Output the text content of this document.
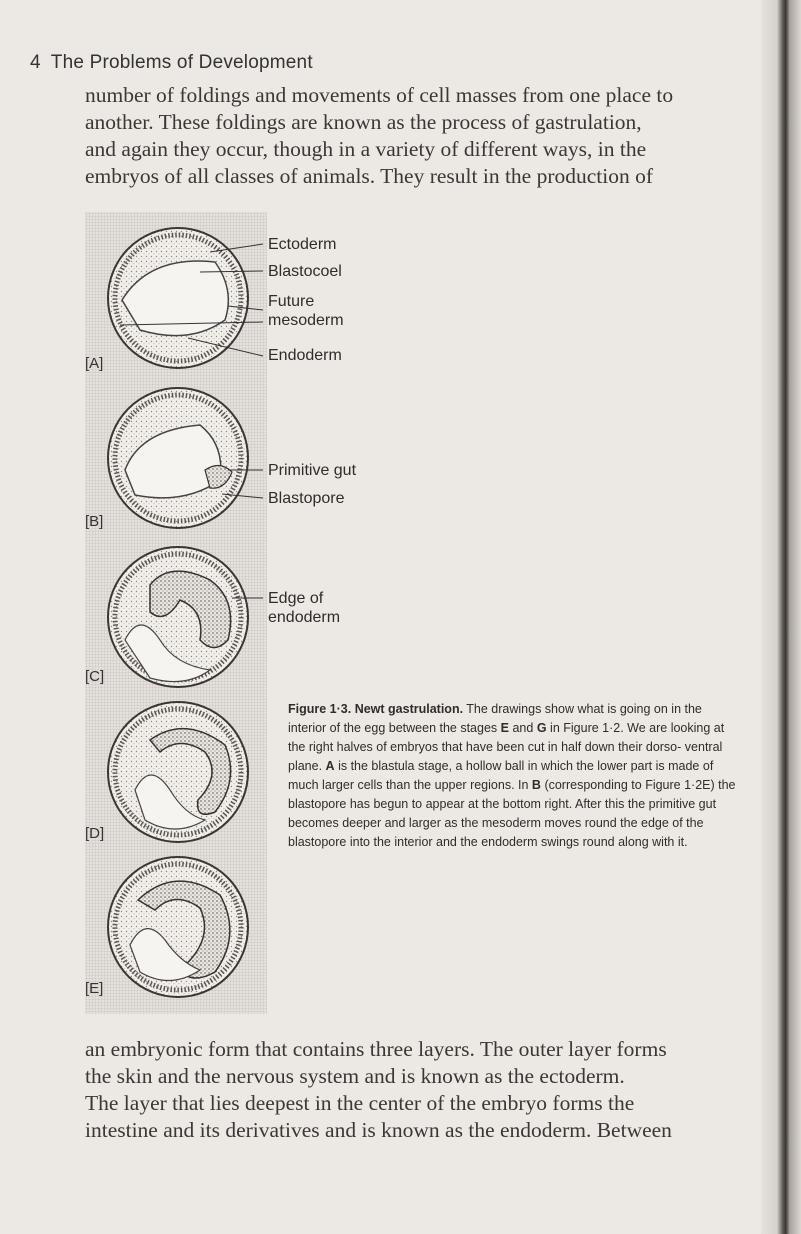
4 The Problems of Development

number of foldings and movements of cell masses from one place to
another. These foldings are known as the process of gastrulation,
and again they occur, though in a variety of different ways, in the
embryos of all classes of animals. They result in the production of

[A]
[B]
[C]
[D]
[E]
Ectoderm
Blastocoel
Future
mesoderm
Endoderm
Primitive gut
Blastopore
Edge of
endoderm

Figure 1·3. Newt gastrulation. The drawings show what is going on in the interior of the egg between the stages E and G in Figure 1·2. We are looking at the right halves of embryos that have been cut in half down their dorso- ventral plane. A is the blastula stage, a hollow ball in which the lower part is made of much larger cells than the upper regions. In B (corresponding to Figure 1·2E) the blastopore has begun to appear at the bottom right. After this the primitive gut becomes deeper and larger as the mesoderm moves round the edge of the blastopore into the interior and the endoderm swings round along with it.

an embryonic form that contains three layers. The outer layer forms
the skin and the nervous system and is known as the ectoderm.
The layer that lies deepest in the center of the embryo forms the
intestine and its derivatives and is known as the endoderm. Between
